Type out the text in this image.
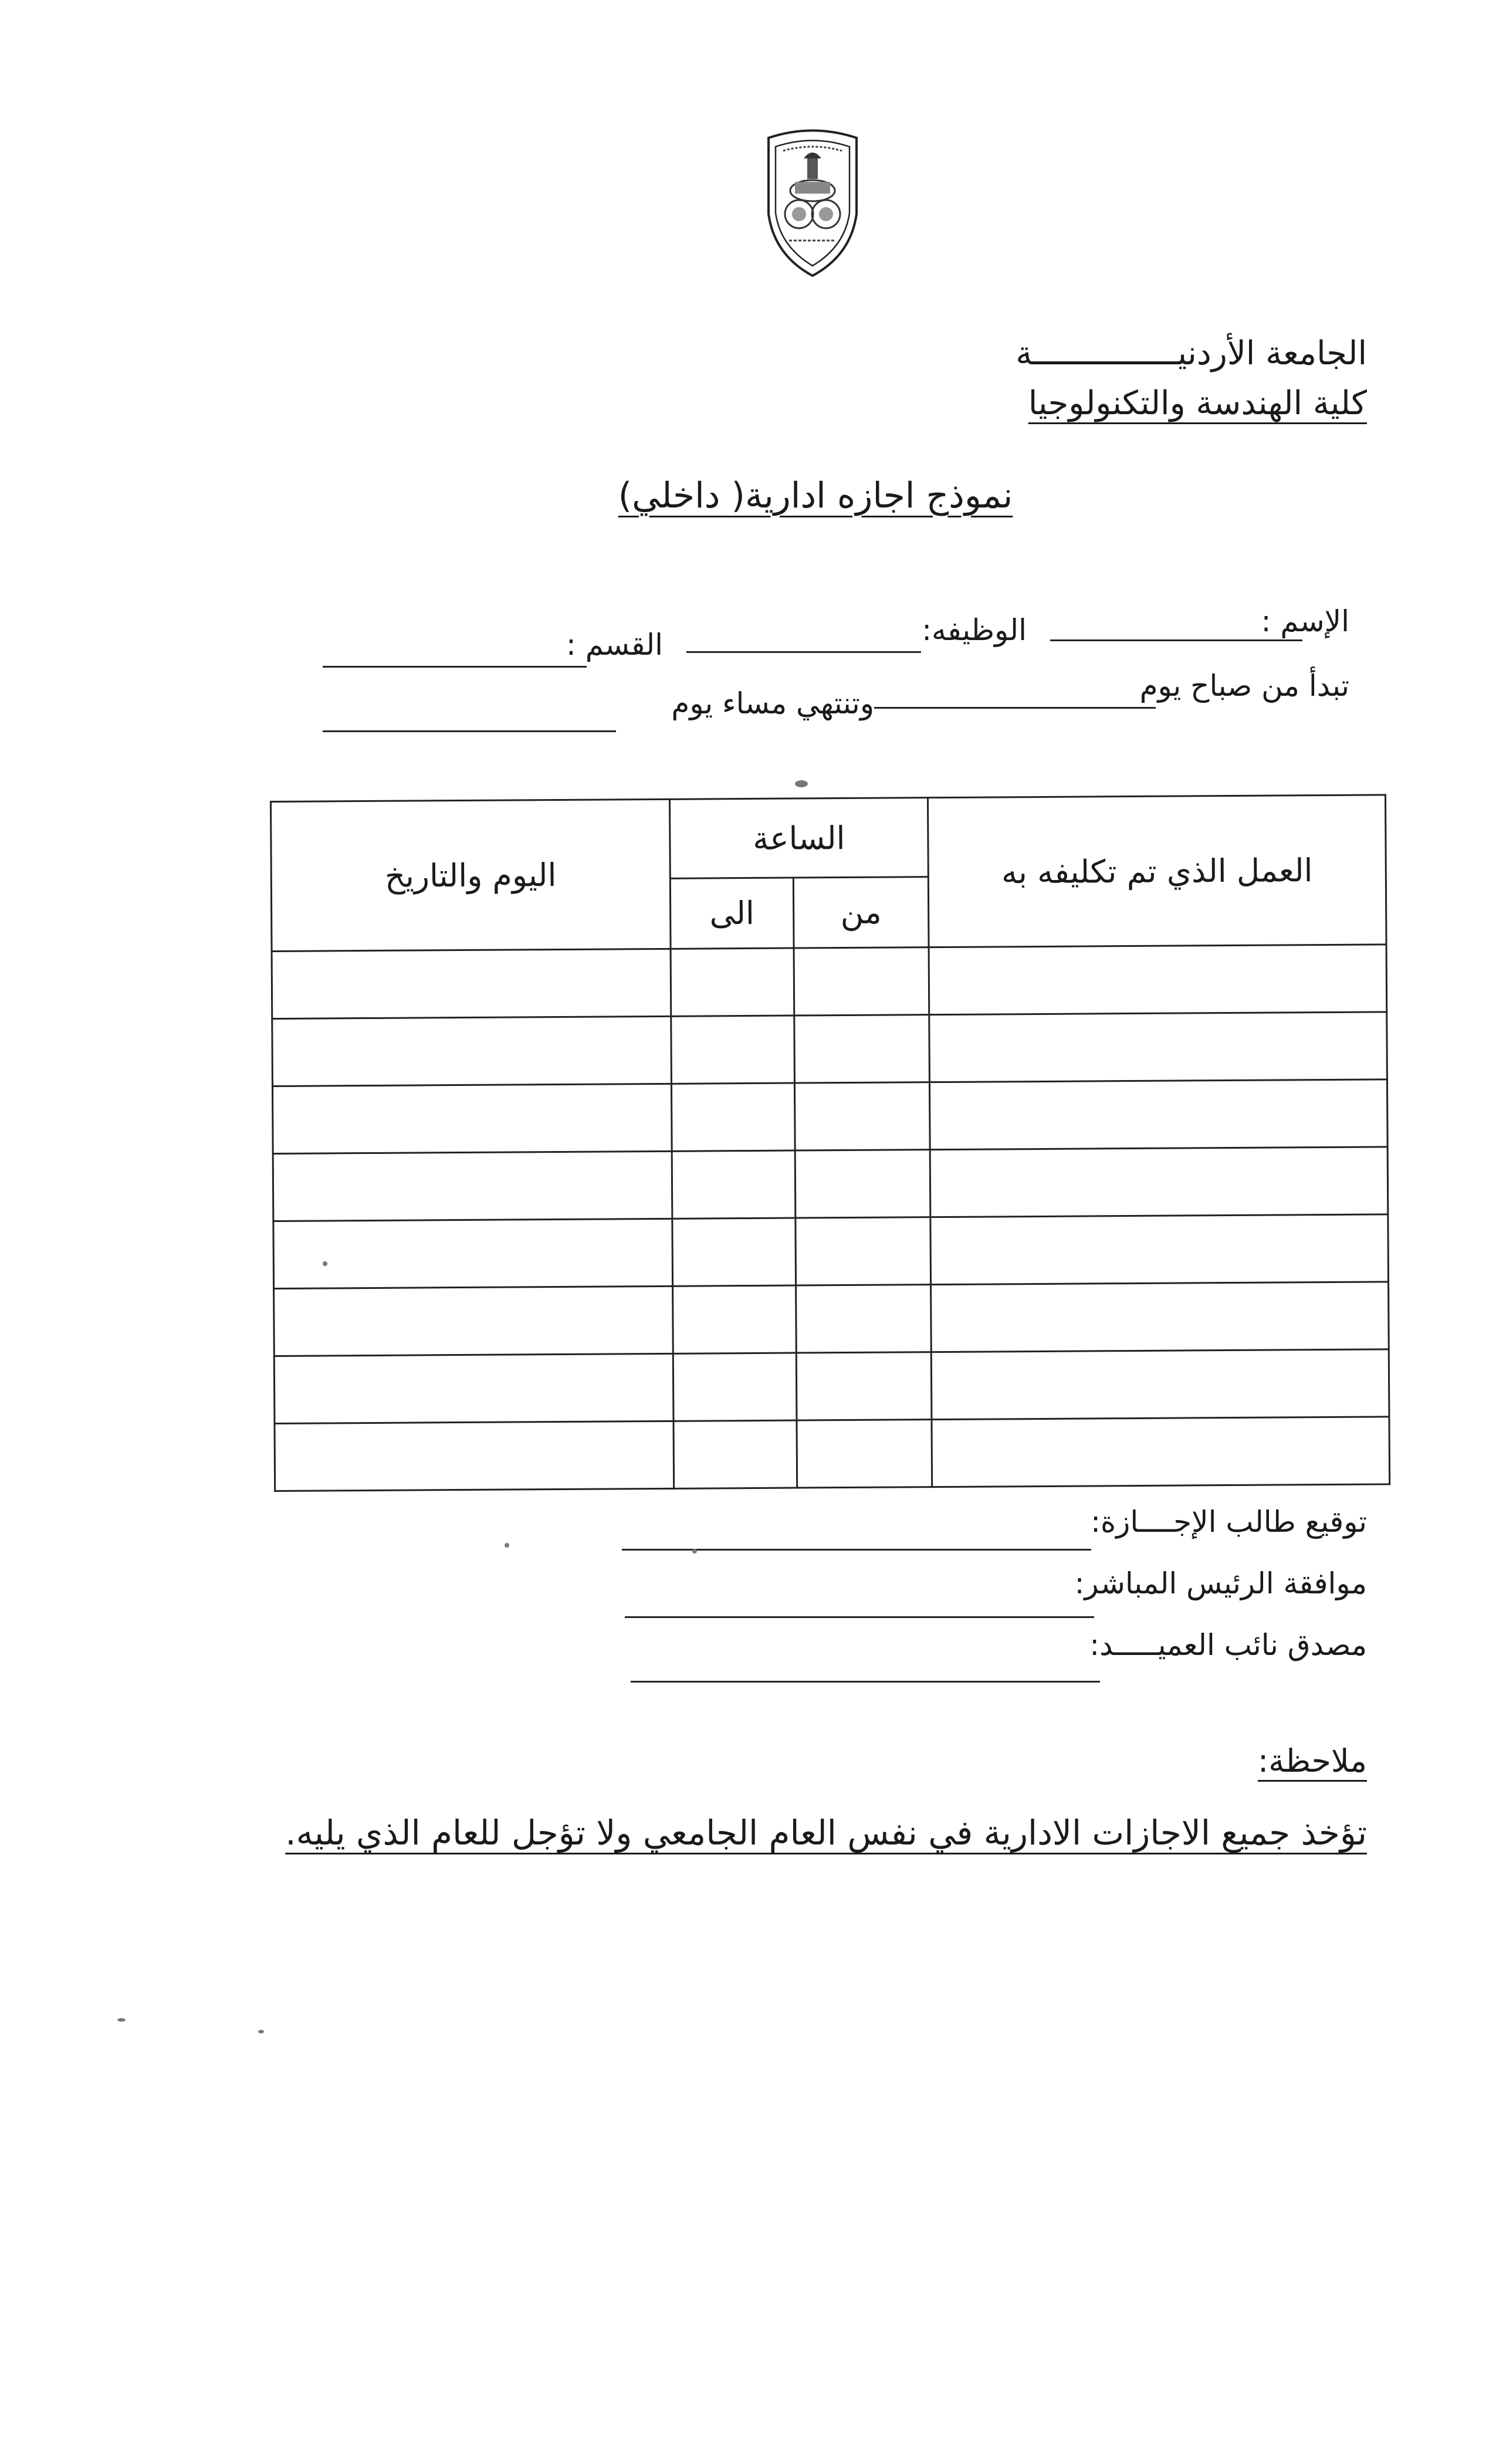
الجامعة الأردنيـــــــــــــــة
كلية الهندسة والتكنولوجيا
نموذج اجازه ادارية( داخلي)
الإسم :
الوظيفه:
القسم :
تبدأ من صباح يوم
وتنتهي مساء يوم
العمل الذي تم تكليفه به	الساعة		اليوم والتاريخ
	من	الى	

توقيع طالب الإجــــازة:
موافقة الرئيس المباشر:
مصدق نائب العميـــــد:
ملاحظة:
تؤخذ جميع الاجازات الادارية في نفس العام الجامعي ولا تؤجل للعام الذي يليه.
